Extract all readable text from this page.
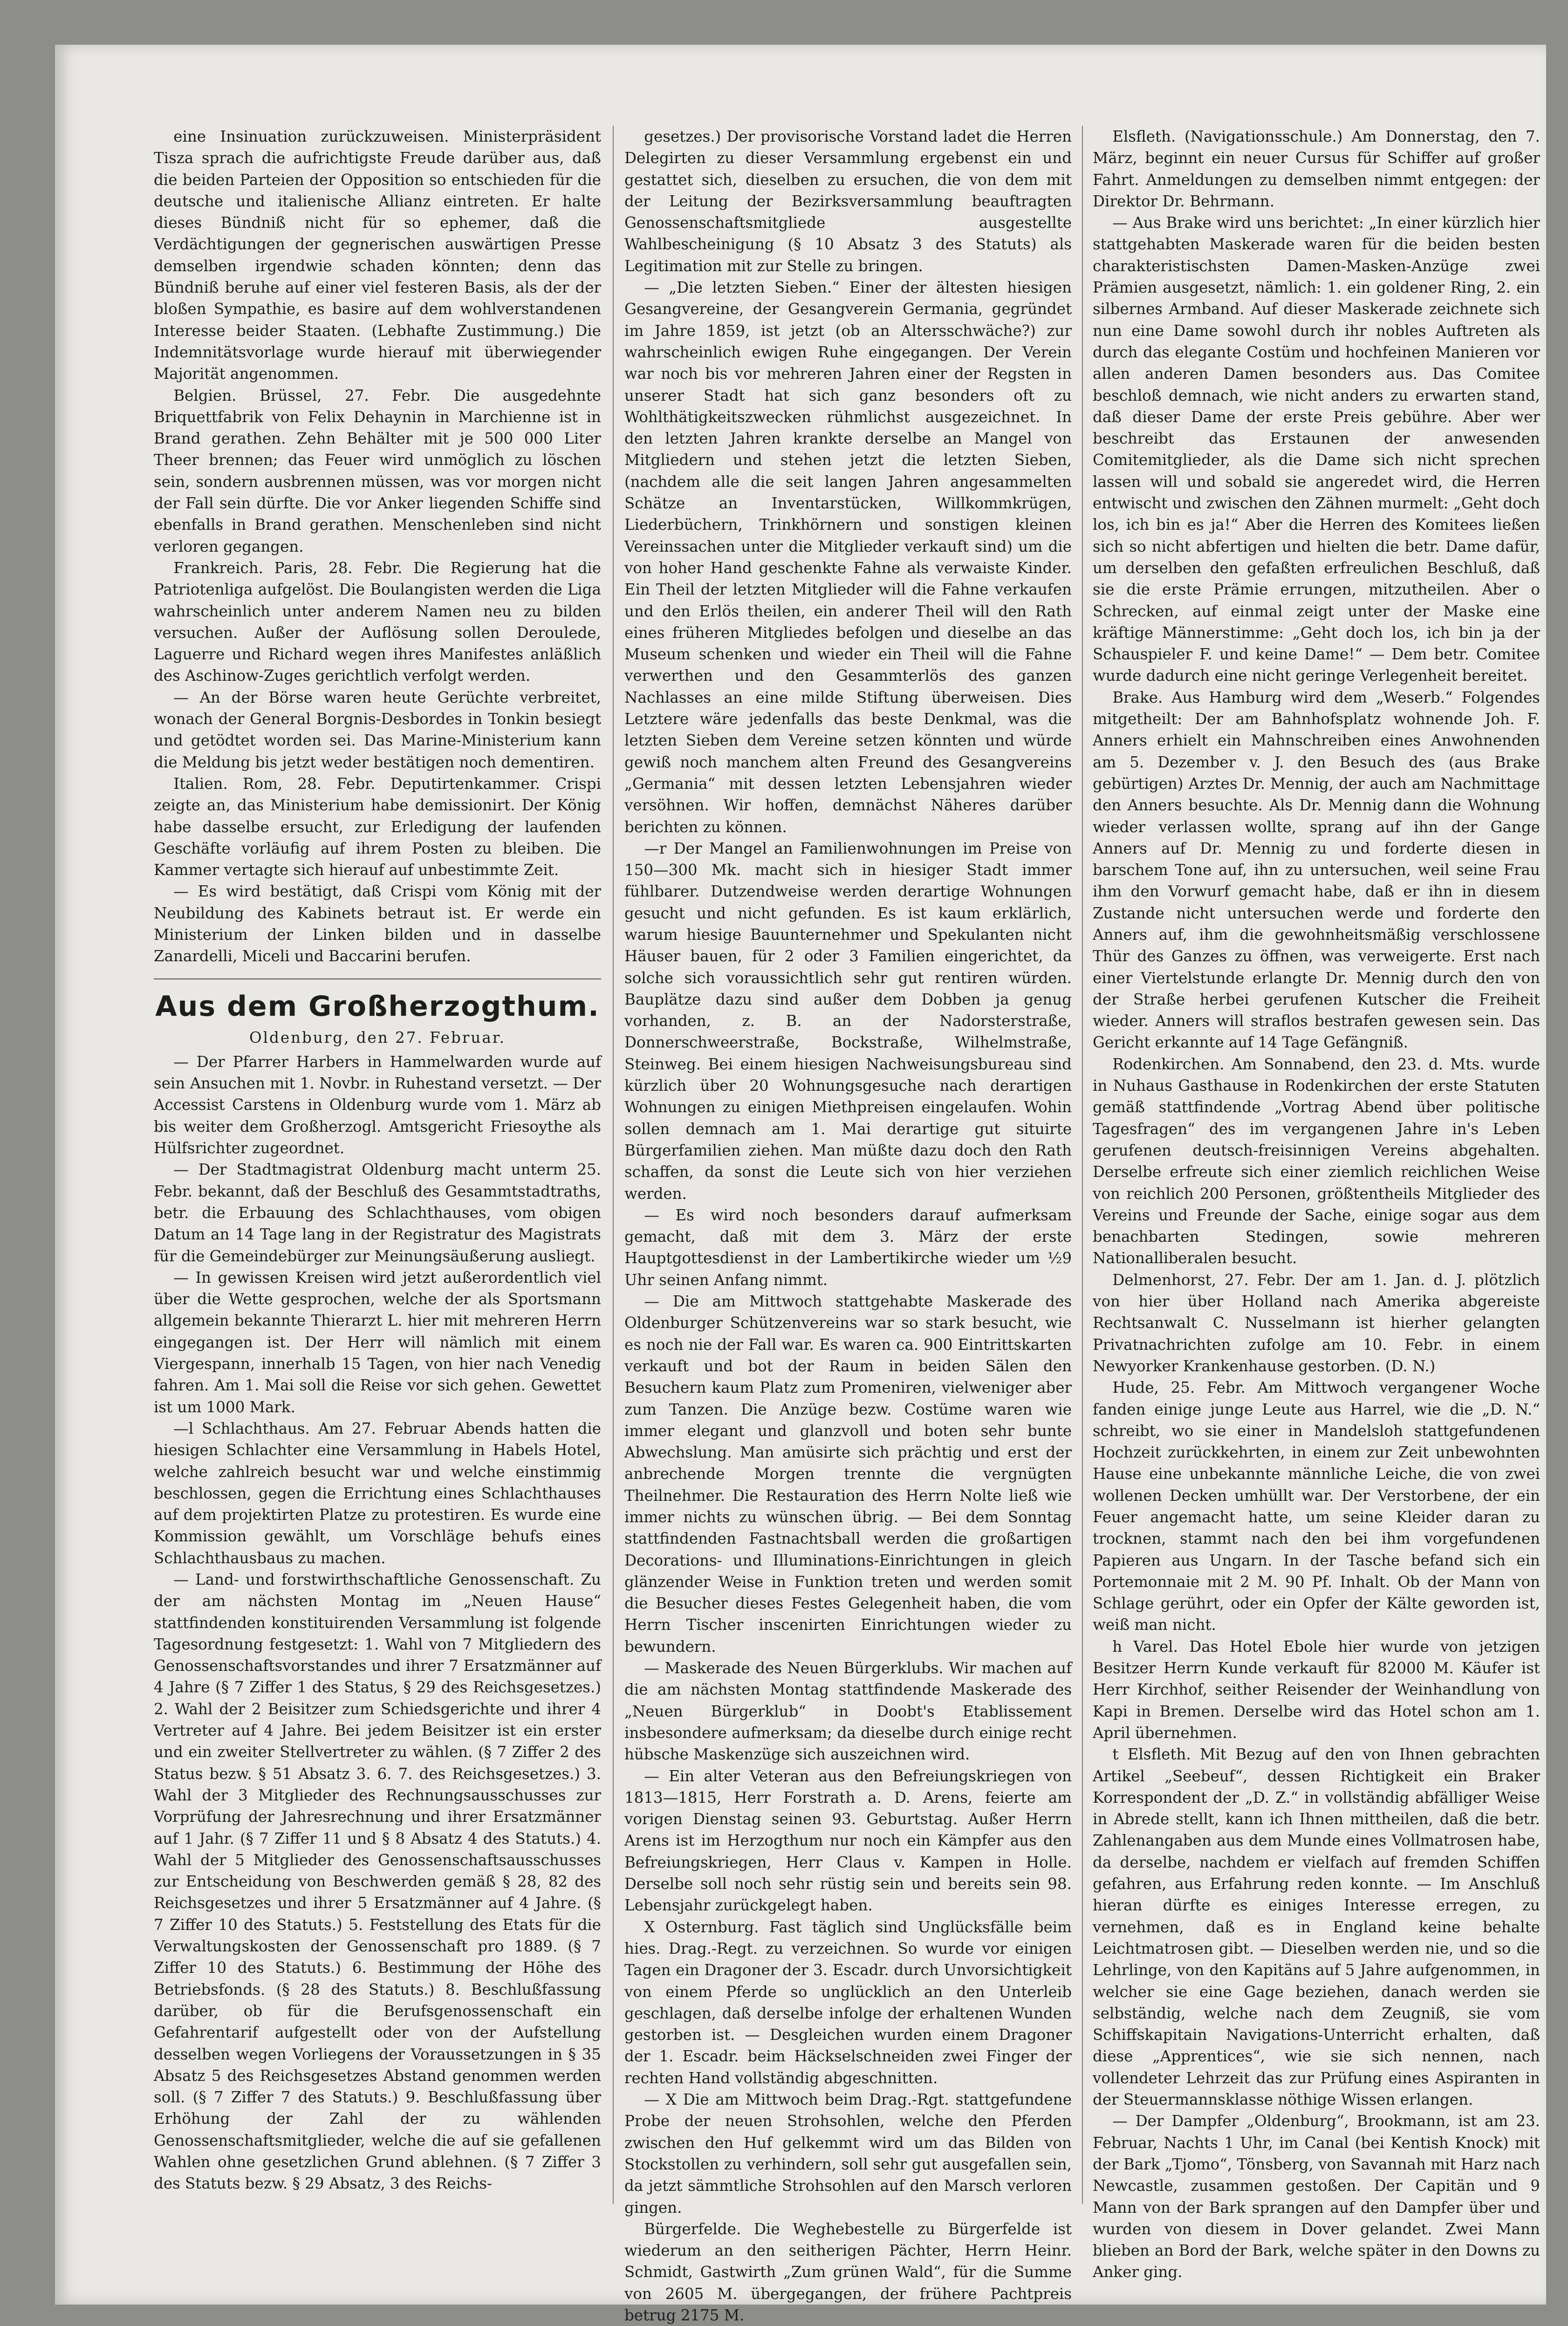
eine Insinuation zurückzuweisen. Ministerpräsident Tisza sprach die aufrichtigste Freude darüber aus, daß die beiden Parteien der Opposition so entschieden für die deutsche und italienische Allianz eintreten. Er halte dieses Bündniß nicht für so ephemer, daß die Verdächtigungen der gegnerischen auswärtigen Presse demselben irgendwie schaden könnten; denn das Bündniß beruhe auf einer viel festeren Basis, als der der bloßen Sympathie, es basire auf dem wohlverstandenen Interesse beider Staaten. (Lebhafte Zustimmung.) Die Indemnitätsvorlage wurde hierauf mit überwiegender Majorität angenommen.

Belgien. Brüssel, 27. Febr. Die ausgedehnte Briquettfabrik von Felix Dehaynin in Marchienne ist in Brand gerathen. Zehn Behälter mit je 500 000 Liter Theer brennen; das Feuer wird unmöglich zu löschen sein, sondern ausbrennen müssen, was vor morgen nicht der Fall sein dürfte. Die vor Anker liegenden Schiffe sind ebenfalls in Brand gerathen. Menschenleben sind nicht verloren gegangen.

Frankreich. Paris, 28. Febr. Die Regierung hat die Patriotenliga aufgelöst. Die Boulangisten werden die Liga wahrscheinlich unter anderem Namen neu zu bilden versuchen. Außer der Auflösung sollen Deroulede, Laguerre und Richard wegen ihres Manifestes anläßlich des Aschinow-Zuges gerichtlich verfolgt werden.

— An der Börse waren heute Gerüchte verbreitet, wonach der General Borgnis-Desbordes in Tonkin besiegt und getödtet worden sei. Das Marine-Ministerium kann die Meldung bis jetzt weder bestätigen noch dementiren.

Italien. Rom, 28. Febr. Deputirtenkammer. Crispi zeigte an, das Ministerium habe demissionirt. Der König habe dasselbe ersucht, zur Erledigung der laufenden Geschäfte vorläufig auf ihrem Posten zu bleiben. Die Kammer vertagte sich hierauf auf unbestimmte Zeit.

— Es wird bestätigt, daß Crispi vom König mit der Neubildung des Kabinets betraut ist. Er werde ein Ministerium der Linken bilden und in dasselbe Zanardelli, Miceli und Baccarini berufen.

Aus dem Großherzogthum.
Oldenburg, den 27. Februar.

— Der Pfarrer Harbers in Hammelwarden wurde auf sein Ansuchen mit 1. Novbr. in Ruhestand versetzt. — Der Accessist Carstens in Oldenburg wurde vom 1. März ab bis weiter dem Großherzogl. Amtsgericht Friesoythe als Hülfsrichter zugeordnet.

— Der Stadtmagistrat Oldenburg macht unterm 25. Febr. bekannt, daß der Beschluß des Gesammtstadtraths, betr. die Erbauung des Schlachthauses, vom obigen Datum an 14 Tage lang in der Registratur des Magistrats für die Gemeindebürger zur Meinungsäußerung ausliegt.

— In gewissen Kreisen wird jetzt außerordentlich viel über die Wette gesprochen, welche der als Sportsmann allgemein bekannte Thierarzt L. hier mit mehreren Herrn eingegangen ist. Der Herr will nämlich mit einem Viergespann, innerhalb 15 Tagen, von hier nach Venedig fahren. Am 1. Mai soll die Reise vor sich gehen. Gewettet ist um 1000 Mark.

—l Schlachthaus. Am 27. Februar Abends hatten die hiesigen Schlachter eine Versammlung in Habels Hotel, welche zahlreich besucht war und welche einstimmig beschlossen, gegen die Errichtung eines Schlachthauses auf dem projektirten Platze zu protestiren. Es wurde eine Kommission gewählt, um Vorschläge behufs eines Schlachthausbaus zu machen.

— Land- und forstwirthschaftliche Genossenschaft. Zu der am nächsten Montag im „Neuen Hause“ stattfindenden konstituirenden Versammlung ist folgende Tagesordnung festgesetzt: 1. Wahl von 7 Mitgliedern des Genossenschaftsvorstandes und ihrer 7 Ersatzmänner auf 4 Jahre (§ 7 Ziffer 1 des Status, § 29 des Reichsgesetzes.) 2. Wahl der 2 Beisitzer zum Schiedsgerichte und ihrer 4 Vertreter auf 4 Jahre. Bei jedem Beisitzer ist ein erster und ein zweiter Stellvertreter zu wählen. (§ 7 Ziffer 2 des Status bezw. § 51 Absatz 3. 6. 7. des Reichsgesetzes.) 3. Wahl der 3 Mitglieder des Rechnungsausschusses zur Vorprüfung der Jahresrechnung und ihrer Ersatzmänner auf 1 Jahr. (§ 7 Ziffer 11 und § 8 Absatz 4 des Statuts.) 4. Wahl der 5 Mitglieder des Genossenschaftsausschusses zur Entscheidung von Beschwerden gemäß § 28, 82 des Reichsgesetzes und ihrer 5 Ersatzmänner auf 4 Jahre. (§ 7 Ziffer 10 des Statuts.) 5. Feststellung des Etats für die Verwaltungskosten der Genossenschaft pro 1889. (§ 7 Ziffer 10 des Statuts.) 6. Bestimmung der Höhe des Betriebsfonds. (§ 28 des Statuts.) 8. Beschlußfassung darüber, ob für die Berufsgenossenschaft ein Gefahrentarif aufgestellt oder von der Aufstellung desselben wegen Vorliegens der Voraussetzungen in § 35 Absatz 5 des Reichsgesetzes Abstand genommen werden soll. (§ 7 Ziffer 7 des Statuts.) 9. Beschlußfassung über Erhöhung der Zahl der zu wählenden Genossenschaftsmitglieder, welche die auf sie gefallenen Wahlen ohne gesetzlichen Grund ablehnen. (§ 7 Ziffer 3 des Statuts bezw. § 29 Absatz, 3 des Reichs-

gesetzes.) Der provisorische Vorstand ladet die Herren Delegirten zu dieser Versammlung ergebenst ein und gestattet sich, dieselben zu ersuchen, die von dem mit der Leitung der Bezirksversammlung beauftragten Genossenschaftsmitgliede ausgestellte Wahlbescheinigung (§ 10 Absatz 3 des Statuts) als Legitimation mit zur Stelle zu bringen.

— „Die letzten Sieben.“ Einer der ältesten hiesigen Gesangvereine, der Gesangverein Germania, gegründet im Jahre 1859, ist jetzt (ob an Altersschwäche?) zur wahrscheinlich ewigen Ruhe eingegangen. Der Verein war noch bis vor mehreren Jahren einer der Regsten in unserer Stadt hat sich ganz besonders oft zu Wohlthätigkeitszwecken rühmlichst ausgezeichnet. In den letzten Jahren krankte derselbe an Mangel von Mitgliedern und stehen jetzt die letzten Sieben, (nachdem alle die seit langen Jahren angesammelten Schätze an Inventarstücken, Willkommkrügen, Liederbüchern, Trinkhörnern und sonstigen kleinen Vereinssachen unter die Mitglieder verkauft sind) um die von hoher Hand geschenkte Fahne als verwaiste Kinder. Ein Theil der letzten Mitglieder will die Fahne verkaufen und den Erlös theilen, ein anderer Theil will den Rath eines früheren Mitgliedes befolgen und dieselbe an das Museum schenken und wieder ein Theil will die Fahne verwerthen und den Gesammterlös des ganzen Nachlasses an eine milde Stiftung überweisen. Dies Letztere wäre jedenfalls das beste Denkmal, was die letzten Sieben dem Vereine setzen könnten und würde gewiß noch manchem alten Freund des Gesangvereins „Germania“ mit dessen letzten Lebensjahren wieder versöhnen. Wir hoffen, demnächst Näheres darüber berichten zu können.

—r Der Mangel an Familienwohnungen im Preise von 150—300 Mk. macht sich in hiesiger Stadt immer fühlbarer. Dutzendweise werden derartige Wohnungen gesucht und nicht gefunden. Es ist kaum erklärlich, warum hiesige Bauunternehmer und Spekulanten nicht Häuser bauen, für 2 oder 3 Familien eingerichtet, da solche sich voraussichtlich sehr gut rentiren würden. Bauplätze dazu sind außer dem Dobben ja genug vorhanden, z. B. an der Nadorsterstraße, Donnerschweerstraße, Bockstraße, Wilhelmstraße, Steinweg. Bei einem hiesigen Nachweisungsbureau sind kürzlich über 20 Wohnungsgesuche nach derartigen Wohnungen zu einigen Miethpreisen eingelaufen. Wohin sollen demnach am 1. Mai derartige gut situirte Bürgerfamilien ziehen. Man müßte dazu doch den Rath schaffen, da sonst die Leute sich von hier verziehen werden.

— Es wird noch besonders darauf aufmerksam gemacht, daß mit dem 3. März der erste Hauptgottesdienst in der Lambertikirche wieder um ½9 Uhr seinen Anfang nimmt.

— Die am Mittwoch stattgehabte Maskerade des Oldenburger Schützenvereins war so stark besucht, wie es noch nie der Fall war. Es waren ca. 900 Eintrittskarten verkauft und bot der Raum in beiden Sälen den Besuchern kaum Platz zum Promeniren, vielweniger aber zum Tanzen. Die Anzüge bezw. Costüme waren wie immer elegant und glanzvoll und boten sehr bunte Abwechslung. Man amüsirte sich prächtig und erst der anbrechende Morgen trennte die vergnügten Theilnehmer. Die Restauration des Herrn Nolte ließ wie immer nichts zu wünschen übrig. — Bei dem Sonntag stattfindenden Fastnachtsball werden die großartigen Decorations- und Illuminations-Einrichtungen in gleich glänzender Weise in Funktion treten und werden somit die Besucher dieses Festes Gelegenheit haben, die vom Herrn Tischer inscenirten Einrichtungen wieder zu bewundern.

— Maskerade des Neuen Bürgerklubs. Wir machen auf die am nächsten Montag stattfindende Maskerade des „Neuen Bürgerklub“ in Doobt's Etablissement insbesondere aufmerksam; da dieselbe durch einige recht hübsche Maskenzüge sich auszeichnen wird.

— Ein alter Veteran aus den Befreiungskriegen von 1813—1815, Herr Forstrath a. D. Arens, feierte am vorigen Dienstag seinen 93. Geburtstag. Außer Herrn Arens ist im Herzogthum nur noch ein Kämpfer aus den Befreiungskriegen, Herr Claus v. Kampen in Holle. Derselbe soll noch sehr rüstig sein und bereits sein 98. Lebensjahr zurückgelegt haben.

X Osternburg. Fast täglich sind Unglücksfälle beim hies. Drag.-Regt. zu verzeichnen. So wurde vor einigen Tagen ein Dragoner der 3. Escadr. durch Unvorsichtigkeit von einem Pferde so unglücklich an den Unterleib geschlagen, daß derselbe infolge der erhaltenen Wunden gestorben ist. — Desgleichen wurden einem Dragoner der 1. Escadr. beim Häckselschneiden zwei Finger der rechten Hand vollständig abgeschnitten.

— X Die am Mittwoch beim Drag.-Rgt. stattgefundene Probe der neuen Strohsohlen, welche den Pferden zwischen den Huf gelkemmt wird um das Bilden von Stockstollen zu verhindern, soll sehr gut ausgefallen sein, da jetzt sämmtliche Strohsohlen auf den Marsch verloren gingen.

Bürgerfelde. Die Weghebestelle zu Bürgerfelde ist wiederum an den seitherigen Pächter, Herrn Heinr. Schmidt, Gastwirth „Zum grünen Wald“, für die Summe von 2605 M. übergegangen, der frühere Pachtpreis betrug 2175 M.

Elsfleth. (Navigationsschule.) Am Donnerstag, den 7. März, beginnt ein neuer Cursus für Schiffer auf großer Fahrt. Anmeldungen zu demselben nimmt entgegen: der Direktor Dr. Behrmann.

— Aus Brake wird uns berichtet: „In einer kürzlich hier stattgehabten Maskerade waren für die beiden besten charakteristischsten Damen-Masken-Anzüge zwei Prämien ausgesetzt, nämlich: 1. ein goldener Ring, 2. ein silbernes Armband. Auf dieser Maskerade zeichnete sich nun eine Dame sowohl durch ihr nobles Auftreten als durch das elegante Costüm und hochfeinen Manieren vor allen anderen Damen besonders aus. Das Comitee beschloß demnach, wie nicht anders zu erwarten stand, daß dieser Dame der erste Preis gebühre. Aber wer beschreibt das Erstaunen der anwesenden Comitemitglieder, als die Dame sich nicht sprechen lassen will und sobald sie angeredet wird, die Herren entwischt und zwischen den Zähnen murmelt: „Geht doch los, ich bin es ja!“ Aber die Herren des Komitees ließen sich so nicht abfertigen und hielten die betr. Dame dafür, um derselben den gefaßten erfreulichen Beschluß, daß sie die erste Prämie errungen, mitzutheilen. Aber o Schrecken, auf einmal zeigt unter der Maske eine kräftige Männerstimme: „Geht doch los, ich bin ja der Schauspieler F. und keine Dame!“ — Dem betr. Comitee wurde dadurch eine nicht geringe Verlegenheit bereitet.

Brake. Aus Hamburg wird dem „Weserb.“ Folgendes mitgetheilt: Der am Bahnhofsplatz wohnende Joh. F. Anners erhielt ein Mahnschreiben eines Anwohnenden am 5. Dezember v. J. den Besuch des (aus Brake gebürtigen) Arztes Dr. Mennig, der auch am Nachmittage den Anners besuchte. Als Dr. Mennig dann die Wohnung wieder verlassen wollte, sprang auf ihn der Gange Anners auf Dr. Mennig zu und forderte diesen in barschem Tone auf, ihn zu untersuchen, weil seine Frau ihm den Vorwurf gemacht habe, daß er ihn in diesem Zustande nicht untersuchen werde und forderte den Anners auf, ihm die gewohnheitsmäßig verschlossene Thür des Ganzes zu öffnen, was verweigerte. Erst nach einer Viertelstunde erlangte Dr. Mennig durch den von der Straße herbei gerufenen Kutscher die Freiheit wieder. Anners will straflos bestrafen gewesen sein. Das Gericht erkannte auf 14 Tage Gefängniß.

Rodenkirchen. Am Sonnabend, den 23. d. Mts. wurde in Nuhaus Gasthause in Rodenkirchen der erste Statuten gemäß stattfindende „Vortrag Abend über politische Tagesfragen“ des im vergangenen Jahre in's Leben gerufenen deutsch-freisinnigen Vereins abgehalten. Derselbe erfreute sich einer ziemlich reichlichen Weise von reichlich 200 Personen, größtentheils Mitglieder des Vereins und Freunde der Sache, einige sogar aus dem benachbarten Stedingen, sowie mehreren Nationalliberalen besucht.

Delmenhorst, 27. Febr. Der am 1. Jan. d. J. plötzlich von hier über Holland nach Amerika abgereiste Rechtsanwalt C. Nusselmann ist hierher gelangten Privatnachrichten zufolge am 10. Febr. in einem Newyorker Krankenhause gestorben. (D. N.)

Hude, 25. Febr. Am Mittwoch vergangener Woche fanden einige junge Leute aus Harrel, wie die „D. N.“ schreibt, wo sie einer in Mandelsloh stattgefundenen Hochzeit zurückkehrten, in einem zur Zeit unbewohnten Hause eine unbekannte männliche Leiche, die von zwei wollenen Decken umhüllt war. Der Verstorbene, der ein Feuer angemacht hatte, um seine Kleider daran zu trocknen, stammt nach den bei ihm vorgefundenen Papieren aus Ungarn. In der Tasche befand sich ein Portemonnaie mit 2 M. 90 Pf. Inhalt. Ob der Mann von Schlage gerührt, oder ein Opfer der Kälte geworden ist, weiß man nicht.

h Varel. Das Hotel Ebole hier wurde von jetzigen Besitzer Herrn Kunde verkauft für 82000 M. Käufer ist Herr Kirchhof, seither Reisender der Weinhandlung von Kapi in Bremen. Derselbe wird das Hotel schon am 1. April übernehmen.

t Elsfleth. Mit Bezug auf den von Ihnen gebrachten Artikel „Seebeuf“, dessen Richtigkeit ein Braker Korrespondent der „D. Z.“ in vollständig abfälliger Weise in Abrede stellt, kann ich Ihnen mittheilen, daß die betr. Zahlenangaben aus dem Munde eines Vollmatrosen habe, da derselbe, nachdem er vielfach auf fremden Schiffen gefahren, aus Erfahrung reden konnte. — Im Anschluß hieran dürfte es einiges Interesse erregen, zu vernehmen, daß es in England keine behalte Leichtmatrosen gibt. — Dieselben werden nie, und so die Lehrlinge, von den Kapitäns auf 5 Jahre aufgenommen, in welcher sie eine Gage beziehen, danach werden sie selbständig, welche nach dem Zeugniß, sie vom Schiffskapitain Navigations-Unterricht erhalten, daß diese „Apprentices“, wie sie sich nennen, nach vollendeter Lehrzeit das zur Prüfung eines Aspiranten in der Steuermannsklasse nöthige Wissen erlangen.

— Der Dampfer „Oldenburg“, Brookmann, ist am 23. Februar, Nachts 1 Uhr, im Canal (bei Kentish Knock) mit der Bark „Tjomo“, Tönsberg, von Savannah mit Harz nach Newcastle, zusammen gestoßen. Der Capitän und 9 Mann von der Bark sprangen auf den Dampfer über und wurden von diesem in Dover gelandet. Zwei Mann blieben an Bord der Bark, welche später in den Downs zu Anker ging.
